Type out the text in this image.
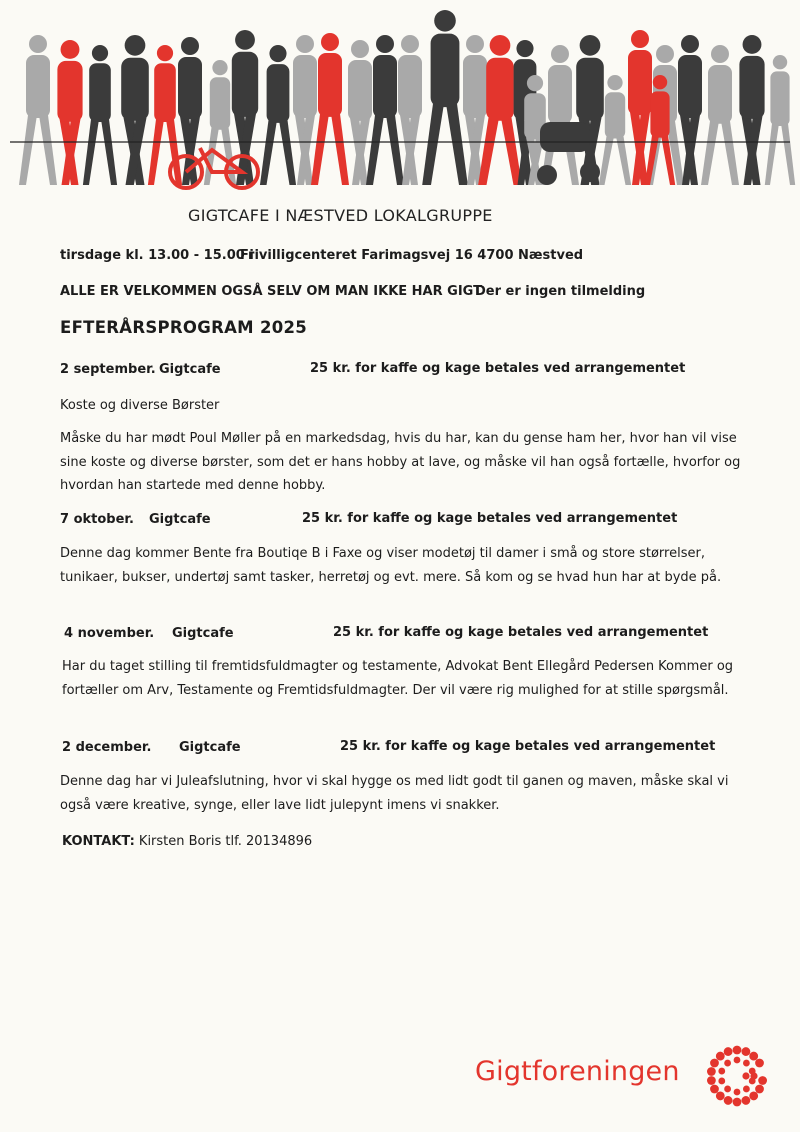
GIGTCAFE I NÆSTVED LOKALGRUPPE
tirsdage kl. 13.00 - 15.00 i
Frivilligcenteret Farimagsvej 16 4700 Næstved
ALLE ER VELKOMMEN OGSÅ SELV OM MAN IKKE HAR GIGT
Der er ingen tilmelding
EFTERÅRSPROGRAM 2025
2 september. Gigtcafe	25 kr. for kaffe og kage betales ved arrangementet
Koste og diverse Børster
Måske du har mødt Poul Møller på en markedsdag, hvis du har, kan du gense ham her, hvor han vil vise sine koste og diverse børster, som det er hans hobby at lave, og måske vil han også fortælle, hvorfor og hvordan han startede med denne hobby.
7 oktober. Gigtcafe	25 kr. for kaffe og kage betales ved arrangementet
Denne dag kommer Bente fra Boutiqe B i Faxe og viser modetøj til damer i små og store størrelser, tunikaer, bukser, undertøj samt tasker, herretøj og evt. mere. Så kom og se hvad hun har at byde på.
4 november. Gigtcafe	25 kr. for kaffe og kage betales ved arrangementet
Har du taget stilling til fremtidsfuldmagter og testamente, Advokat Bent Ellegård Pedersen Kommer og fortæller om Arv, Testamente og Fremtidsfuldmagter. Der vil være rig mulighed for at stille spørgsmål.
2 december. Gigtcafe	25 kr. for kaffe og kage betales ved arrangementet
Denne dag har vi Juleafslutning, hvor vi skal hygge os med lidt godt til ganen og maven, måske skal vi også være kreative, synge, eller lave lidt julepynt imens vi snakker.
KONTAKT: Kirsten Boris tlf. 20134896
Gigtforeningen
